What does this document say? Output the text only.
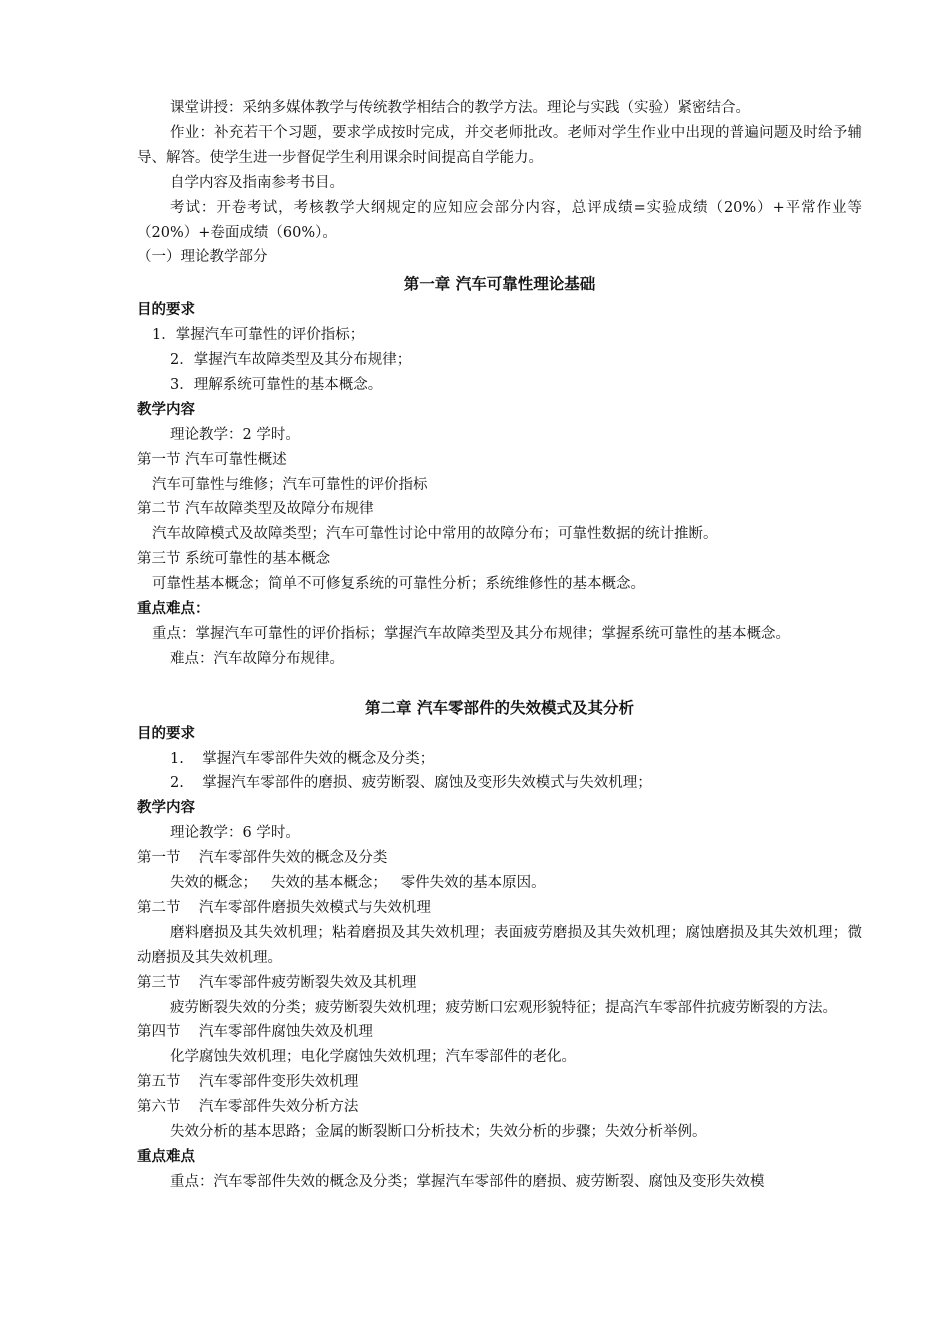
课堂讲授：采纳多媒体教学与传统教学相结合的教学方法。理论与实践（实验）紧密结合。
作业：补充若干个习题，要求学成按时完成，并交老师批改。老师对学生作业中出现的普遍问题及时给予辅导、解答。使学生进一步督促学生利用课余时间提高自学能力。
自学内容及指南参考书目。
考试：开卷考试，考核教学大纲规定的应知应会部分内容，总评成绩=实验成绩（20%）+平常作业等（20%）+卷面成绩（60%）。
（一）理论教学部分
第一章 汽车可靠性理论基础
目的要求
1．掌握汽车可靠性的评价指标；
2．掌握汽车故障类型及其分布规律；
3．理解系统可靠性的基本概念。
教学内容
理论教学：2 学时。
第一节 汽车可靠性概述
汽车可靠性与维修；汽车可靠性的评价指标
第二节 汽车故障类型及故障分布规律
汽车故障模式及故障类型；汽车可靠性讨论中常用的故障分布；可靠性数据的统计推断。
第三节 系统可靠性的基本概念
可靠性基本概念；简单不可修复系统的可靠性分析；系统维修性的基本概念。
重点难点：
重点：掌握汽车可靠性的评价指标；掌握汽车故障类型及其分布规律；掌握系统可靠性的基本概念。
难点：汽车故障分布规律。
第二章 汽车零部件的失效模式及其分析
目的要求
1.    掌握汽车零部件失效的概念及分类；
2.    掌握汽车零部件的磨损、疲劳断裂、腐蚀及变形失效模式与失效机理；
教学内容
理论教学：6 学时。
第一节    汽车零部件失效的概念及分类
失效的概念；   失效的基本概念；   零件失效的基本原因。
第二节    汽车零部件磨损失效模式与失效机理
磨料磨损及其失效机理；粘着磨损及其失效机理；表面疲劳磨损及其失效机理；腐蚀磨损及其失效机理；微动磨损及其失效机理。
第三节    汽车零部件疲劳断裂失效及其机理
疲劳断裂失效的分类；疲劳断裂失效机理；疲劳断口宏观形貌特征；提高汽车零部件抗疲劳断裂的方法。
第四节    汽车零部件腐蚀失效及机理
化学腐蚀失效机理；电化学腐蚀失效机理；汽车零部件的老化。
第五节    汽车零部件变形失效机理
第六节    汽车零部件失效分析方法
失效分析的基本思路；金属的断裂断口分析技术；失效分析的步骤；失效分析举例。
重点难点
重点：汽车零部件失效的概念及分类；掌握汽车零部件的磨损、疲劳断裂、腐蚀及变形失效模
